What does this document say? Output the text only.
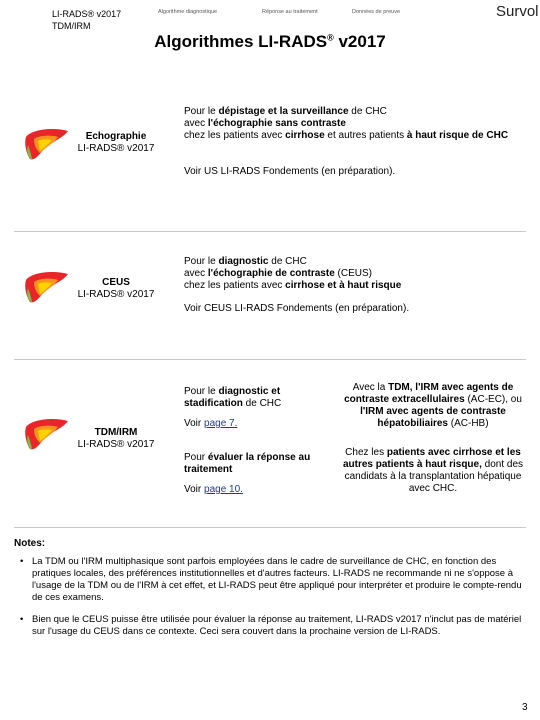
LI-RADS® v2017
TDM/IRM
Algorithme diagnostique	Réponse au traitement	Données de preuve	Survol
Algorithmes LI-RADS® v2017
Echographie
LI-RADS® v2017
Pour le dépistage et la surveillance de CHC
avec l'échographie sans contraste
chez les patients avec cirrhose et autres patients à haut risque de CHC
Voir US LI-RADS Fondements (en préparation).
CEUS
LI-RADS® v2017
Pour le diagnostic de CHC
avec l'échographie de contraste (CEUS)
chez les patients avec cirrhose et à haut risque
Voir CEUS LI-RADS Fondements (en préparation).
TDM/IRM
LI-RADS® v2017
Pour le diagnostic et stadification de CHC
Voir page 7.
Pour évaluer la réponse au traitement
Voir page 10.
Avec la TDM, l'IRM avec agents de contraste extracellulaires (AC-EC), ou l'IRM avec agents de contraste hépatobiliaires (AC-HB)
Chez les patients avec cirrhose et les autres patients à haut risque, dont des candidats à la transplantation hépatique avec CHC.
Notes:
• La TDM ou l'IRM multiphasique sont parfois employées dans le cadre de surveillance de CHC, en fonction des pratiques locales, des préférences institutionnelles et d'autres facteurs. LI-RADS ne recommande ni ne s'oppose à l'usage de la TDM ou de l'IRM à cet effet, et LI-RADS peut être appliqué pour interpréter et produire le compte-rendu de ces examens.
• Bien que le CEUS puisse être utilisée pour évaluer la réponse au traitement, LI-RADS v2017 n'inclut pas de matériel sur l'usage du CEUS dans ce contexte. Ceci sera couvert dans la prochaine version de LI-RADS.
3
